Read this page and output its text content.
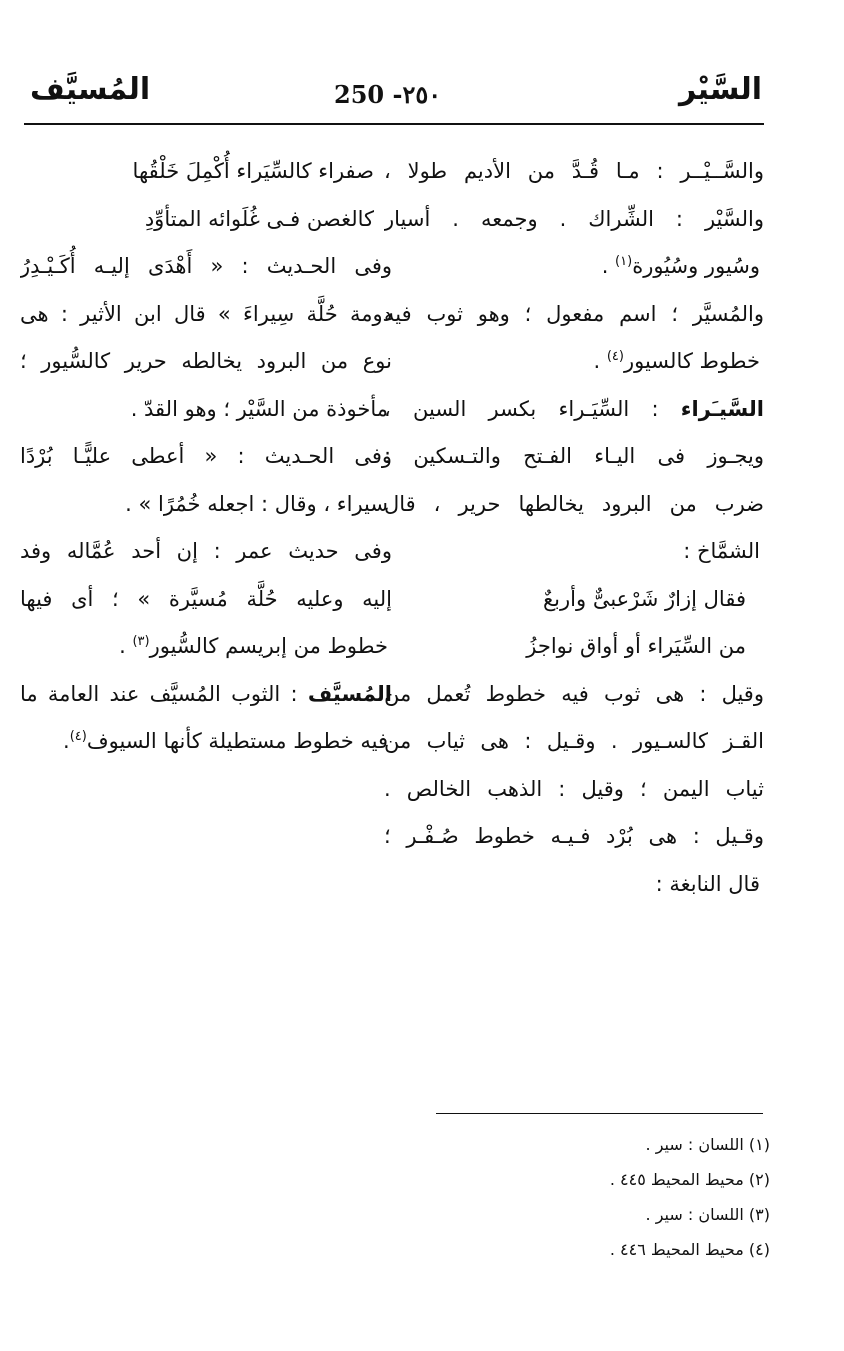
السَّيْر
250 -٢٥٠
المُسيَّف
والسَّــيْــر : مـا قُـدَّ من الأديم طولا ،
والسَّيْر : الشِّراك . وجمعه . أسيار
وسُيور وسُيُورة$^{(١)}$ .
والمُسيَّر ؛ اسم مفعول ؛ وهو ثوب فيه
خطوط كالسيور$^{(٤)}$ .
السَّيـَراء : السِّيَـراء بكسر السين ،
ويجـوز فى اليـاء الفـتح والتـسكين :
ضرب من البرود يخالطها حرير ، قال
الشمَّاخ :
فقال إزارٌ شَرْعبىٌّ وأربعٌ
من السِّيَراء أو أواق نواجزُ
وقيل : هى ثوب فيه خطوط تُعمل من
القـز كالسـيور . وقـيل : هى ثياب من
ثياب اليمن ؛ وقيل : الذهب الخالص .
وقـيل : هى بُرْد فـيـه خطوط صُـفْـر ؛
قال النابغة :
صفراء كالسِّيَراء أُكْمِلَ خَلْقُها
كالغصن فـى غُلَوائه المتأوِّدِ
وفى الحـديث : « أَهْدَى إليـه أُكَـيْـدِرُ
دومة حُلَّة سِيراءَ » قال ابن الأثير : هى
نوع من البرود يخالطه حرير كالسُّيور ؛
مأخوذة من السَّيْر ؛ وهو القدّ .
وفى الحـديث : « أعطى عليًّـا بُرْدًا
سيراء ، وقال : اجعله خُمُرًا » .
وفى حديث عمر : إن أحد عُمَّاله وفد
إليه وعليه حُلَّة مُسيَّرة » ؛ أى فيها
خطوط من إبريسم كالسُّيور$^{(٣)}$ .
المُسيَّف : الثوب المُسيَّف عند العامة ما
فيه خطوط مستطيلة كأنها السيوف$^{(٤)}$.
(١) اللسان : سير .
(٢) محيط المحيط ٤٤٥ .
(٣) اللسان : سير .
(٤) محيط المحيط ٤٤٦ .
